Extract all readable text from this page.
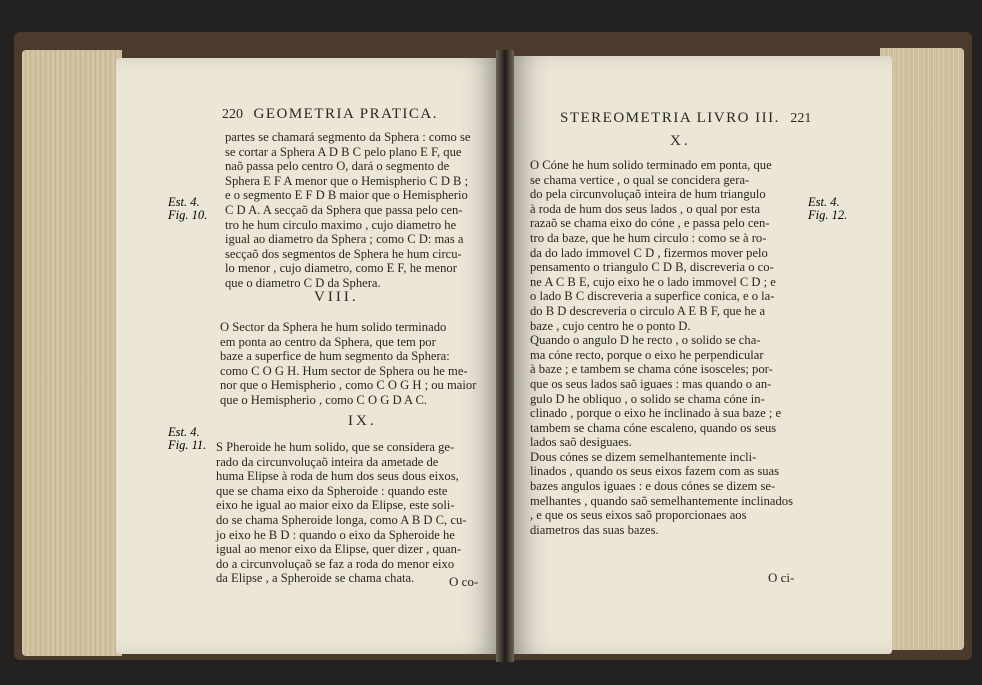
220 GEOMETRIA PRATICA.
partes se chamará segmento da Sphera : como se
se cortar a Sphera A D B C pelo plano E F, que
naõ passa pelo centro O, dará o segmento de
Sphera E F A menor que o Hemispherio C D B ;
e o segmento E F D B maior que o Hemispherio
C D A. A secçaõ da Sphera que passa pelo cen-
tro he hum circulo maximo , cujo diametro he
igual ao diametro da Sphera ; como C D: mas a
secçaõ dos segmentos de Sphera he hum circu-
lo menor , cujo diametro, como E F, he menor
que o diametro C D da Sphera.
VIII.
O Sector da Sphera he hum solido terminado
em ponta ao centro da Sphera, que tem por
baze a superfice de hum segmento da Sphera:
como C O G H. Hum sector de Sphera ou he me-
nor que o Hemispherio , como C O G H ; ou maior
que o Hemispherio , como C O G D A C.
IX.
S Pheroide he hum solido, que se considera ge-
rado da circunvoluçaõ inteira da ametade de
huma Elipse à roda de hum dos seus dous eixos,
que se chama eixo da Spheroide : quando este
eixo he igual ao maior eixo da Elipse, este soli-
do se chama Spheroide longa, como A B D C, cu-
jo eixo he B D : quando o eixo da Spheroide he
igual ao menor eixo da Elipse, quer dizer , quan-
do a circunvoluçaõ se faz a roda do menor eixo
da Elipse , a Spheroide se chama chata.	O co-
Est. 4.
Fig. 10.
Est. 4.
Fig. 11.
STEREOMETRIA LIVRO III. 221
X.
O Cóne he hum solido terminado em ponta, que
se chama vertice , o qual se concidera gera-
do pela circunvoluçaõ inteira de hum triangulo
à roda de hum dos seus lados , o qual por esta
razaõ se chama eixo do cóne , e passa pelo cen-
tro da baze, que he hum circulo : como se à ro-
da do lado immovel C D , fizermos mover pelo
pensamento o triangulo C D B, discreveria o co-
ne A C B E, cujo eixo he o lado immovel C D ; e
o lado B C discreveria a superfice conica, e o la-
do B D descreveria o circulo A E B F, que he a
baze , cujo centro he o ponto D.
Quando o angulo D he recto , o solido se cha-
ma cóne recto, porque o eixo he perpendicular
à baze ; e tambem se chama cóne isosceles; por-
que os seus lados saõ iguaes : mas quando o an-
gulo D he obliquo , o solido se chama cóne in-
clinado , porque o eixo he inclinado à sua baze ; e
tambem se chama cóne escaleno, quando os seus
lados saõ desiguaes.
Dous cónes se dizem semelhantemente incli-
linados , quando os seus eixos fazem com as suas
bazes angulos iguaes : e dous cónes se dizem se-
melhantes , quando saõ semelhantemente inclinados
, e que os seus eixos saõ proporcionaes aos
diametros das suas bazes.
O ci-
Est. 4.
Fig. 12.
